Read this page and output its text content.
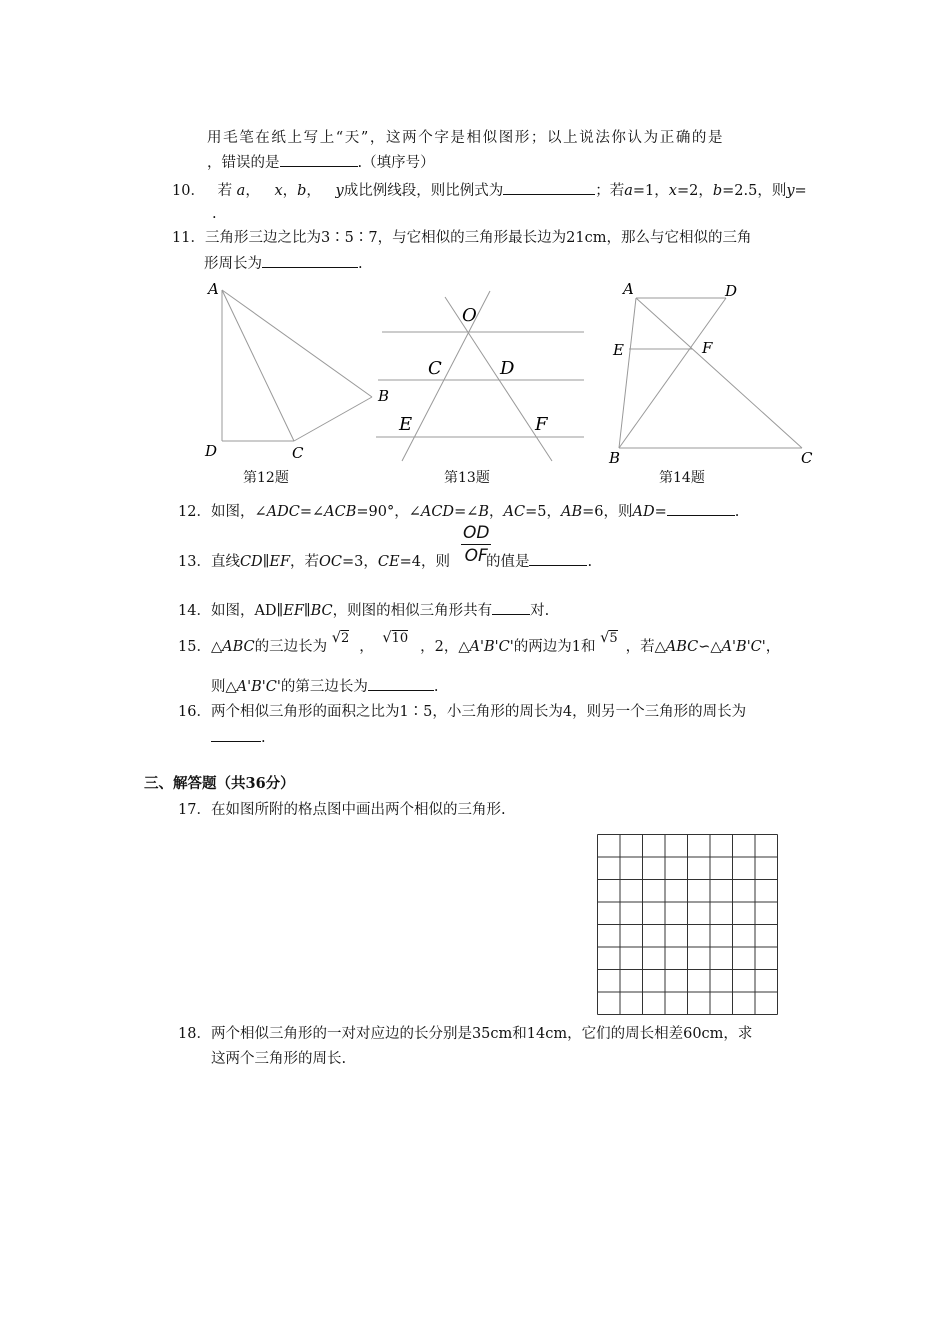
用毛笔在纸上写上“天”，这两个字是相似图形；以上说法你认为正确的是
，错误的是	.（填序号）
10． 若 a， x，b， y成比例线段，则比例式为	；若a=1，x=2，b=2.5，则y=
.
11．三角形三边之比为3∶5∶7，与它相似的三角形最长边为21cm，那么与它相似的三角
形周长为	.
A
B
C
D
第12题
O
C	D
E	F
第13题
A	D
E	F
B	C
第14题
12．如图，∠ADC=∠ACB=90°，∠ACD=∠B，AC=5，AB=6，则AD=	.
13．直线CD∥EF，若OC=3，CE=4，则 的值是	.
$\frac{OD}{OF}$
14．如图，AD∥EF∥BC，则图的相似三角形共有	对.
15．△ABC的三边长为 √2， √10，2，△A'B'C'的两边为1和 √5，若△ABC∽△A'B'C'，
则△A'B'C'的第三边长为	.
16．两个相似三角形的面积之比为1∶5，小三角形的周长为4，则另一个三角形的周长为
.
三、解答题（共36分）
17．在如图所附的格点图中画出两个相似的三角形.
18．两个相似三角形的一对对应边的长分别是35cm和14cm，它们的周长相差60cm，求
这两个三角形的周长.
